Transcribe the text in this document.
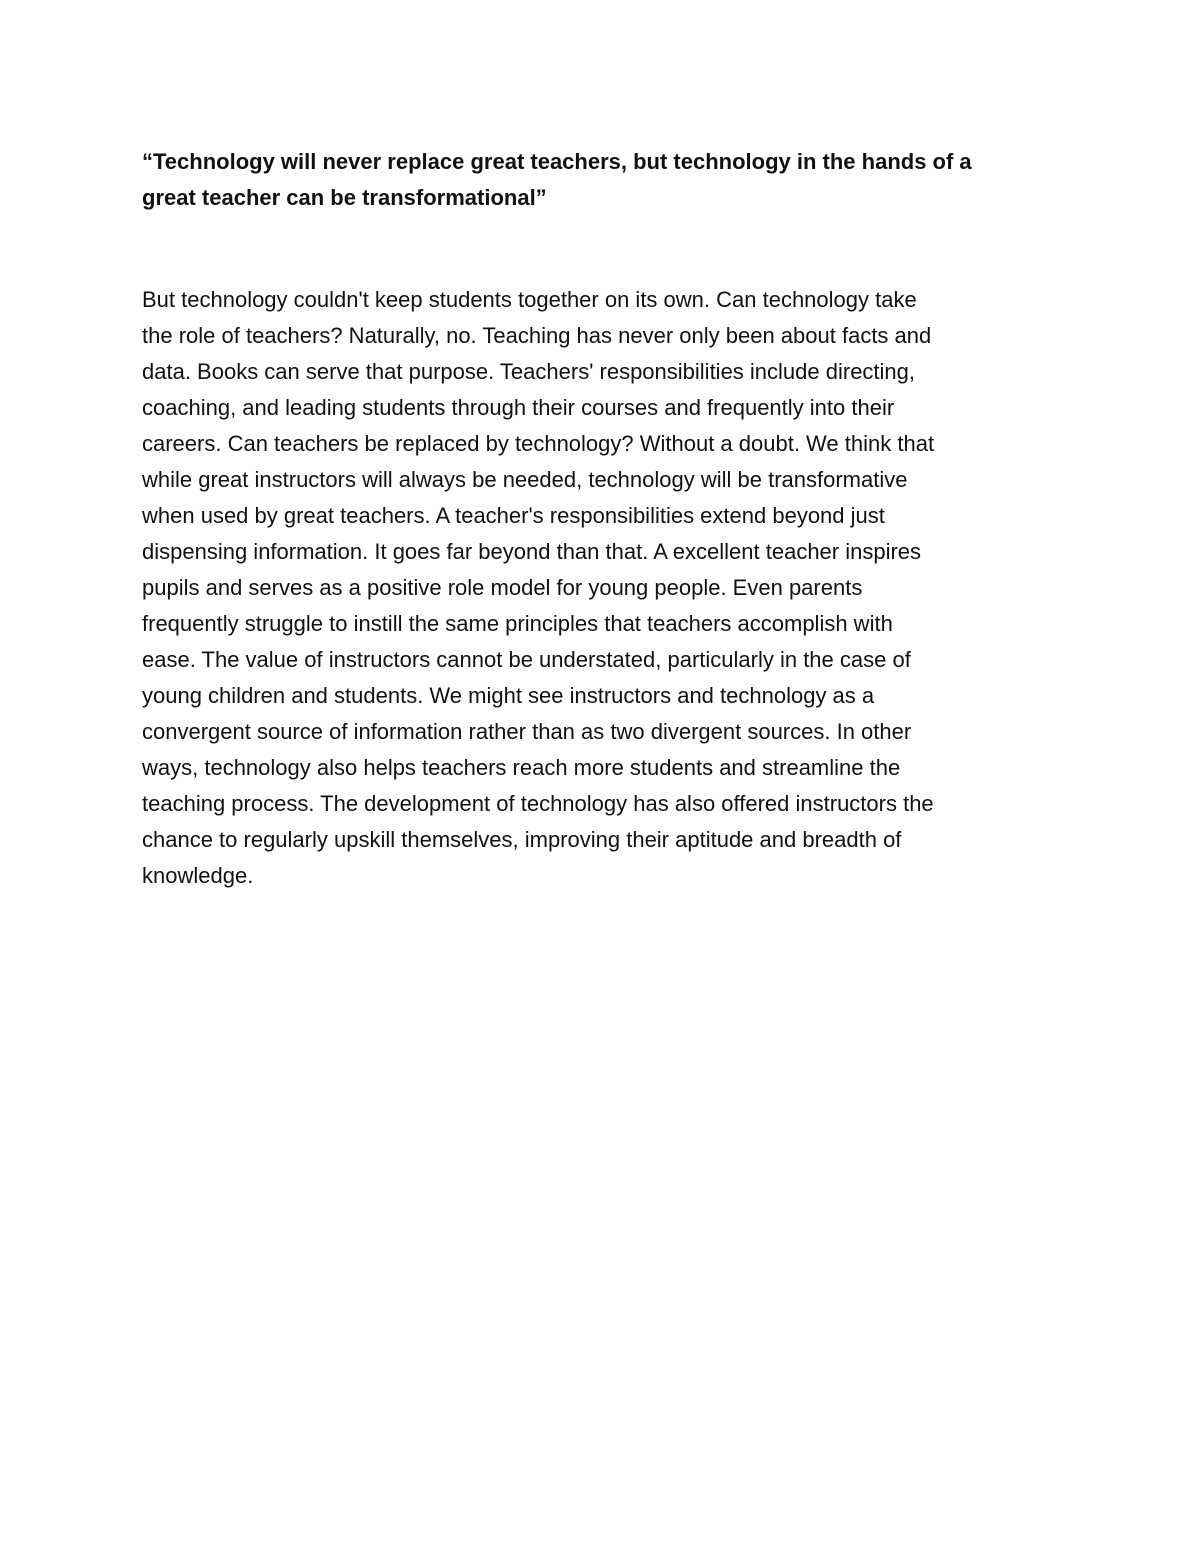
“Technology will never replace great teachers, but technology in the hands of a

great teacher can be transformational”

But technology couldn't keep students together on its own. Can technology take

the role of teachers? Naturally, no. Teaching has never only been about facts and

data. Books can serve that purpose. Teachers' responsibilities include directing,

coaching, and leading students through their courses and frequently into their

careers. Can teachers be replaced by technology? Without a doubt. We think that

while great instructors will always be needed, technology will be transformative

when used by great teachers. A teacher's responsibilities extend beyond just

dispensing information. It goes far beyond than that. A excellent teacher inspires

pupils and serves as a positive role model for young people. Even parents

frequently struggle to instill the same principles that teachers accomplish with

ease. The value of instructors cannot be understated, particularly in the case of

young children and students. We might see instructors and technology as a

convergent source of information rather than as two divergent sources. In other

ways, technology also helps teachers reach more students and streamline the

teaching process. The development of technology has also offered instructors the

chance to regularly upskill themselves, improving their aptitude and breadth of

knowledge.
